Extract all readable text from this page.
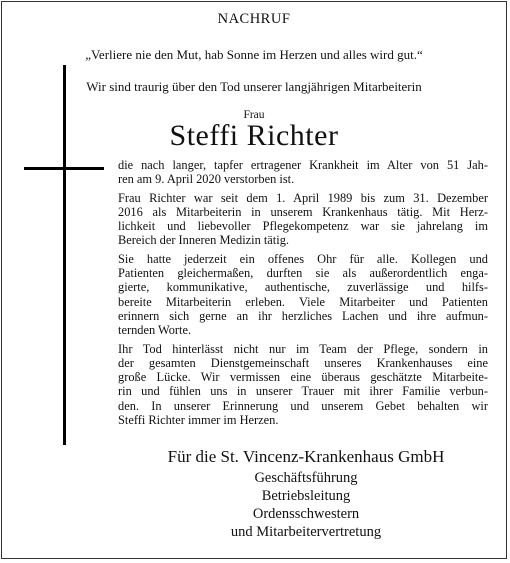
NACHRUF
„Verliere nie den Mut, hab Sonne im Herzen und alles wird gut.“
Wir sind traurig über den Tod unserer langjährigen Mitarbeiterin
Frau
Steffi Richter
die nach langer, tapfer ertragener Krankheit im Alter von 51 Jah-
ren am 9. April 2020 verstorben ist.
Frau Richter war seit dem 1. April 1989 bis zum 31. Dezember
2016 als Mitarbeiterin in unserem Krankenhaus tätig. Mit Herz-
lichkeit und liebevoller Pflegekompetenz war sie jahrelang im
Bereich der Inneren Medizin tätig.
Sie hatte jederzeit ein offenes Ohr für alle. Kollegen und
Patienten gleichermaßen, durften sie als außerordentlich enga-
gierte, kommunikative, authentische, zuverlässige und hilfs-
bereite Mitarbeiterin erleben. Viele Mitarbeiter und Patienten
erinnern sich gerne an ihr herzliches Lachen und ihre aufmun-
ternden Worte.
Ihr Tod hinterlässt nicht nur im Team der Pflege, sondern in
der gesamten Dienstgemeinschaft unseres Krankenhauses eine
große Lücke. Wir vermissen eine überaus geschätzte Mitarbeite-
rin und fühlen uns in unserer Trauer mit ihrer Familie verbun-
den. In unserer Erinnerung und unserem Gebet behalten wir
Steffi Richter immer im Herzen.
Für die St. Vincenz-Krankenhaus GmbH
Geschäftsführung
Betriebsleitung
Ordensschwestern
und Mitarbeitervertretung
